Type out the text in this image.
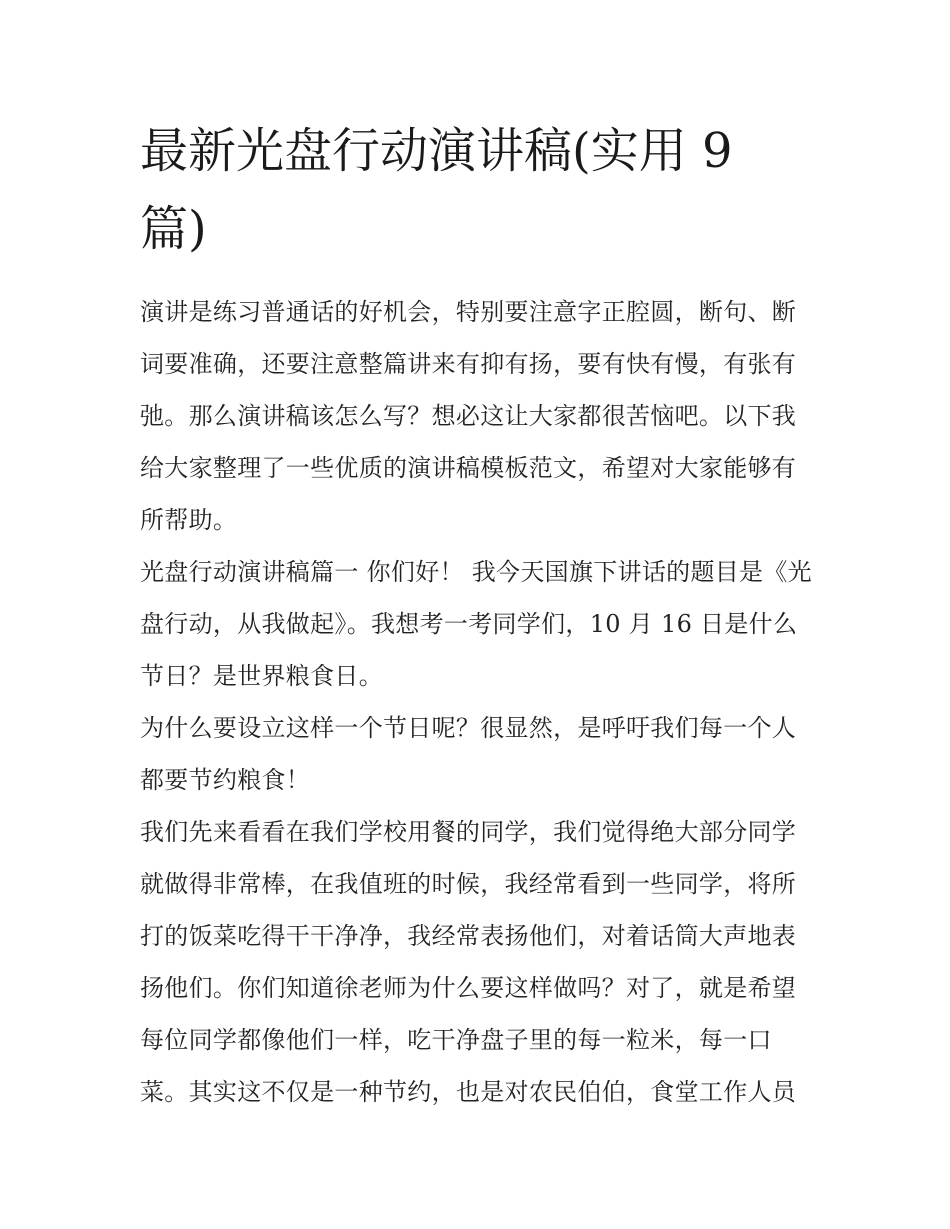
最新光盘行动演讲稿(实用 9 篇)

演讲是练习普通话的好机会，特别要注意字正腔圆，断句、断词要准确，还要注意整篇讲来有抑有扬，要有快有慢，有张有弛。那么演讲稿该怎么写？想必这让大家都很苦恼吧。以下我给大家整理了一些优质的演讲稿模板范文，希望对大家能够有所帮助。

光盘行动演讲稿篇一 你们好！ 我今天国旗下讲话的题目是《光盘行动，从我做起》。我想考一考同学们，10 月 16 日是什么节日？是世界粮食日。

为什么要设立这样一个节日呢？很显然，是呼吁我们每一个人都要节约粮食！

我们先来看看在我们学校用餐的同学，我们觉得绝大部分同学就做得非常棒，在我值班的时候，我经常看到一些同学，将所打的饭菜吃得干干净净，我经常表扬他们，对着话筒大声地表扬他们。你们知道徐老师为什么要这样做吗？对了，就是希望每位同学都像他们一样，吃干净盘子里的每一粒米，每一口菜。其实这不仅是一种节约，也是对农民伯伯，食堂工作人员
